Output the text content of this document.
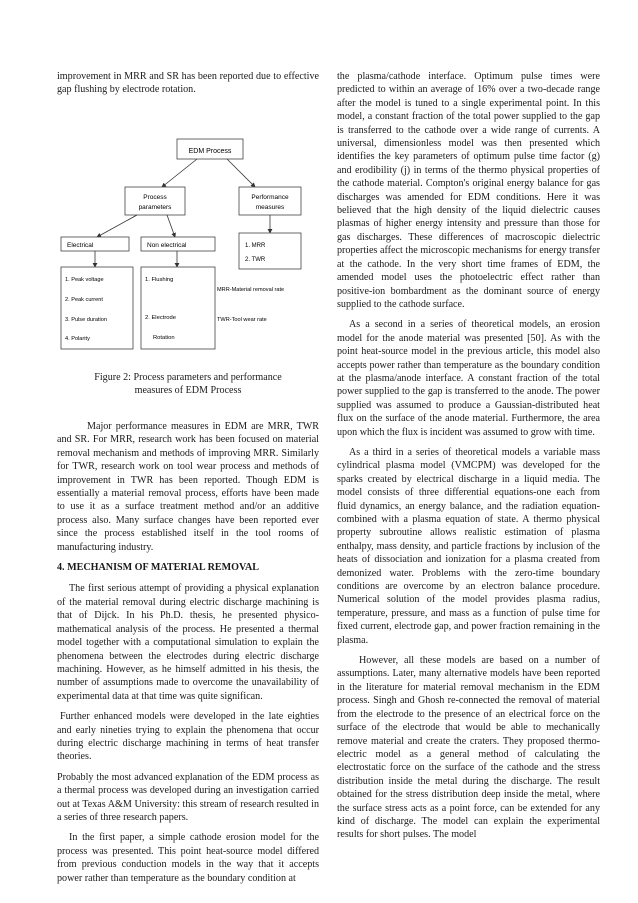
improvement in MRR and SR has been reported due to effective gap flushing by electrode rotation.

EDM Process
Process
parameters
Performance
measures
Electrical	Non electrical	1. MRR
2. TWR
1. Peak voltage
2. Peak current
3. Pulse duration
4. Polarity
1. Flushing
2. Electrode
Rotation
MRR-Material removal rate
TWR-Tool wear rate
Figure 2: Process parameters and performance
measures of EDM Process

Major performance measures in EDM are MRR, TWR and SR. For MRR, research work has been focused on material removal mechanism and methods of improving MRR. Similarly for TWR, research work on tool wear process and methods of improvement in TWR has been reported. Though EDM is essentially a material removal process, efforts have been made to use it as a surface treatment method and/or an additive process also. Many surface changes have been reported ever since the process established itself in the tool rooms of manufacturing industry.

4. MECHANISM OF MATERIAL REMOVAL

The first serious attempt of providing a physical explanation of the material removal during electric discharge machining is that of Dijck. In his Ph.D. thesis, he presented physico- mathematical analysis of the process. He presented a thermal model together with a computational simulation to explain the phenomena between the electrodes during electric discharge machining. However, as he himself admitted in his thesis, the number of assumptions made to overcome the unavailability of experimental data at that time was quite significan.

Further enhanced models were developed in the late eighties and early nineties trying to explain the phenomena that occur during electric discharge machining in terms of heat transfer theories.

Probably the most advanced explanation of the EDM process as a thermal process was developed during an investigation carried out at Texas A&M University: this stream of research resulted in a series of three research papers.

In the first paper, a simple cathode erosion model for the process was presented. This point heat-source model differed from previous conduction models in the way that it accepts power rather than temperature as the boundary condition at

the plasma/cathode interface. Optimum pulse times were predicted to within an average of 16% over a two-decade range after the model is tuned to a single experimental point. In this model, a constant fraction of the total power supplied to the gap is transferred to the cathode over a wide range of currents. A universal, dimensionless model was then presented which identifies the key parameters of optimum pulse time factor (g) and erodibility (j) in terms of the thermo physical properties of the cathode material. Compton's original energy balance for gas discharges was amended for EDM conditions. Here it was believed that the high density of the liquid dielectric causes plasmas of higher energy intensity and pressure than those for gas discharges. These differences of macroscopic dielectric properties affect the microscopic mechanisms for energy transfer at the cathode. In the very short time frames of EDM, the amended model uses the photoelectric effect rather than positive-ion bombardment as the dominant source of energy supplied to the cathode surface.

As a second in a series of theoretical models, an erosion model for the anode material was presented [50]. As with the point heat-source model in the previous article, this model also accepts power rather than temperature as the boundary condition at the plasma/anode interface. A constant fraction of the total power supplied to the gap is transferred to the anode. The power supplied was assumed to produce a Gaussian-distributed heat flux on the surface of the anode material. Furthermore, the area upon which the flux is incident was assumed to grow with time.

As a third in a series of theoretical models a variable mass cylindrical plasma model (VMCPM) was developed for the sparks created by electrical discharge in a liquid media. The model consists of three differential equations-one each from fluid dynamics, an energy balance, and the radiation equation-combined with a plasma equation of state. A thermo physical property subroutine allows realistic estimation of plasma enthalpy, mass density, and particle fractions by inclusion of the heats of dissociation and ionization for a plasma created from demonized water. Problems with the zero-time boundary conditions are overcome by an electron balance procedure. Numerical solution of the model provides plasma radius, temperature, pressure, and mass as a function of pulse time for fixed current, electrode gap, and power fraction remaining in the plasma.

However, all these models are based on a number of assumptions. Later, many alternative models have been reported in the literature for material removal mechanism in the EDM process. Singh and Ghosh re-connected the removal of material from the electrode to the presence of an electrical force on the surface of the electrode that would be able to mechanically remove material and create the craters. They proposed thermo-electric model as a general method of calculating the electrostatic force on the surface of the cathode and the stress distribution inside the metal during the discharge. The result obtained for the stress distribution deep inside the metal, where the surface stress acts as a point force, can be extended for any kind of discharge. The model can explain the experimental results for short pulses. The model
